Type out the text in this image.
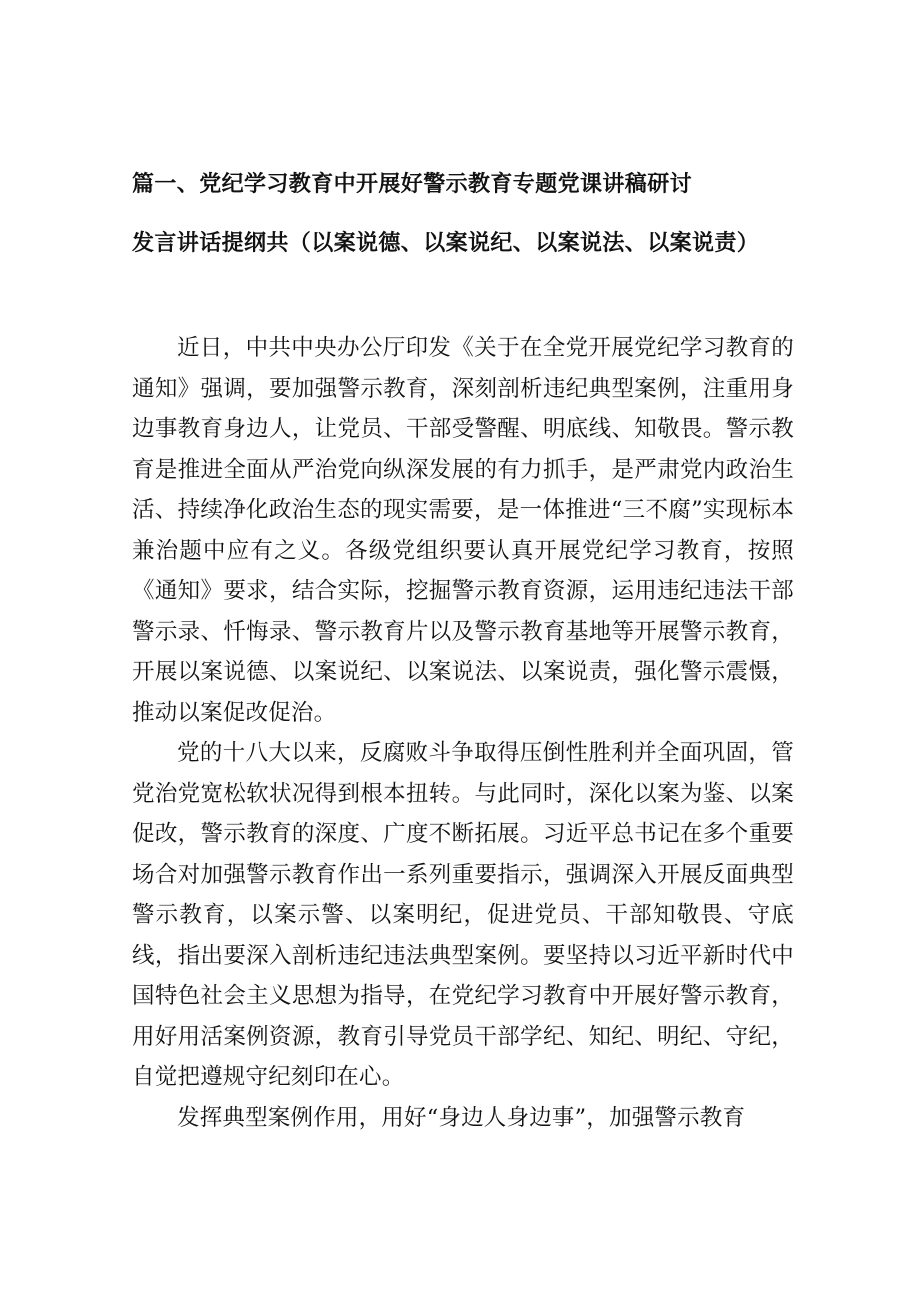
篇一、党纪学习教育中开展好警示教育专题党课讲稿研讨
发言讲话提纲共（以案说德、以案说纪、以案说法、以案说责）

近日，中共中央办公厅印发《关于在全党开展党纪学习教育的通知》强调，要加强警示教育，深刻剖析违纪典型案例，注重用身边事教育身边人，让党员、干部受警醒、明底线、知敬畏。警示教育是推进全面从严治党向纵深发展的有力抓手，是严肃党内政治生活、持续净化政治生态的现实需要，是一体推进“三不腐”实现标本兼治题中应有之义。各级党组织要认真开展党纪学习教育，按照《通知》要求，结合实际，挖掘警示教育资源，运用违纪违法干部警示录、忏悔录、警示教育片以及警示教育基地等开展警示教育，开展以案说德、以案说纪、以案说法、以案说责，强化警示震慑，推动以案促改促治。

党的十八大以来，反腐败斗争取得压倒性胜利并全面巩固，管党治党宽松软状况得到根本扭转。与此同时，深化以案为鉴、以案促改，警示教育的深度、广度不断拓展。习近平总书记在多个重要场合对加强警示教育作出一系列重要指示，强调深入开展反面典型警示教育，以案示警、以案明纪，促进党员、干部知敬畏、守底线，指出要深入剖析违纪违法典型案例。要坚持以习近平新时代中国特色社会主义思想为指导，在党纪学习教育中开展好警示教育，用好用活案例资源，教育引导党员干部学纪、知纪、明纪、守纪，自觉把遵规守纪刻印在心。

发挥典型案例作用，用好“身边人身边事”，加强警示教育
